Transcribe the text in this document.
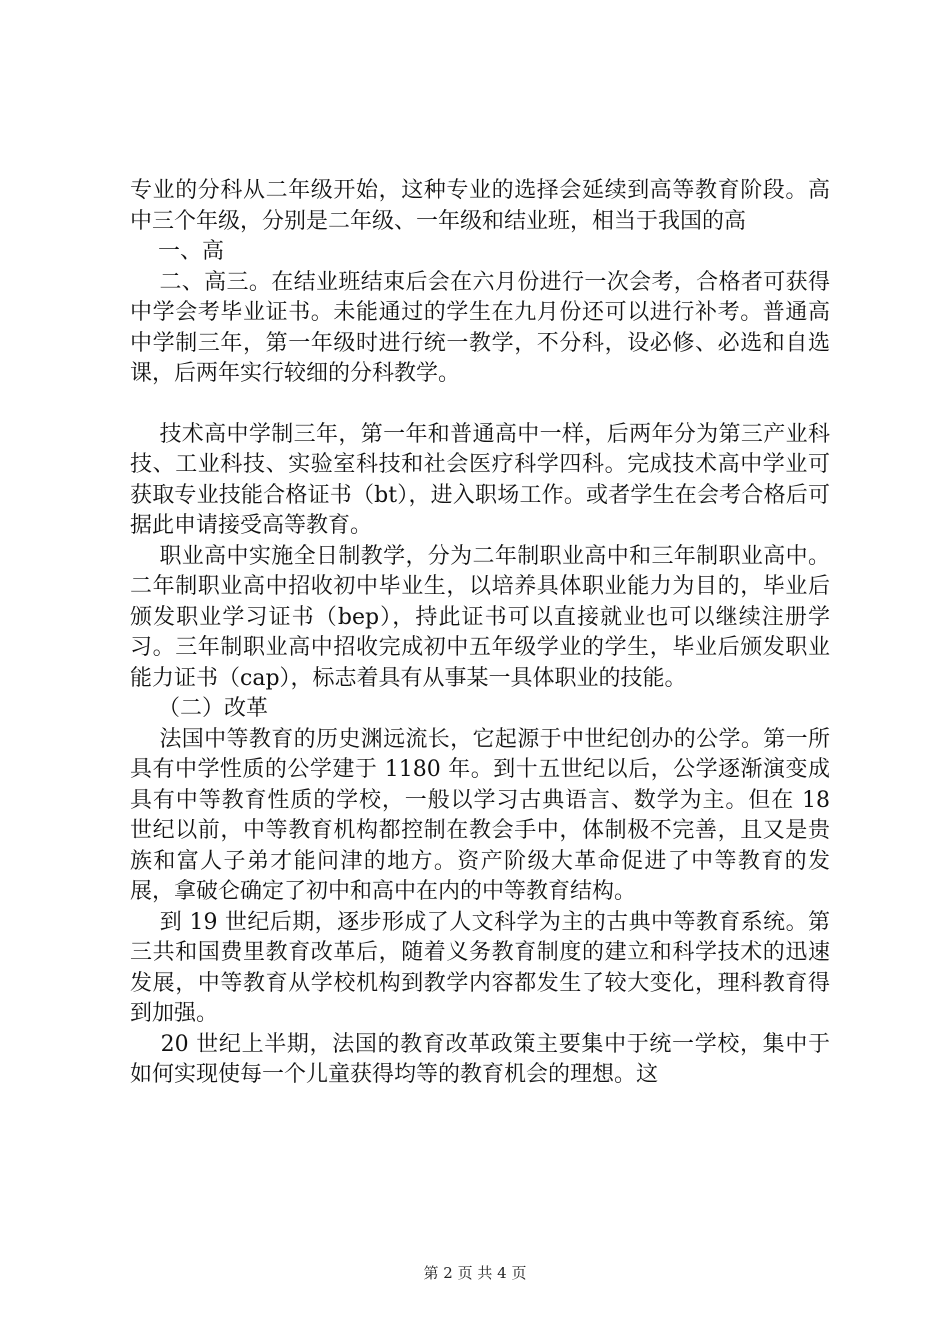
专业的分科从二年级开始，这种专业的选择会延续到高等教育阶段。高中三个年级，分别是二年级、一年级和结业班，相当于我国的高

一、高

二、高三。在结业班结束后会在六月份进行一次会考，合格者可获得中学会考毕业证书。未能通过的学生在九月份还可以进行补考。普通高中学制三年，第一年级时进行统一教学，不分科，设必修、必选和自选课，后两年实行较细的分科教学。

技术高中学制三年，第一年和普通高中一样，后两年分为第三产业科技、工业科技、实验室科技和社会医疗科学四科。完成技术高中学业可获取专业技能合格证书（bt），进入职场工作。或者学生在会考合格后可据此申请接受高等教育。

职业高中实施全日制教学，分为二年制职业高中和三年制职业高中。二年制职业高中招收初中毕业生，以培养具体职业能力为目的，毕业后颁发职业学习证书（bep），持此证书可以直接就业也可以继续注册学习。三年制职业高中招收完成初中五年级学业的学生，毕业后颁发职业能力证书（cap），标志着具有从事某一具体职业的技能。

（二）改革

法国中等教育的历史渊远流长，它起源于中世纪创办的公学。第一所具有中学性质的公学建于 1180 年。到十五世纪以后，公学逐渐演变成具有中等教育性质的学校，一般以学习古典语言、数学为主。但在 18 世纪以前，中等教育机构都控制在教会手中，体制极不完善，且又是贵族和富人子弟才能问津的地方。资产阶级大革命促进了中等教育的发展，拿破仑确定了初中和高中在内的中等教育结构。

到 19 世纪后期，逐步形成了人文科学为主的古典中等教育系统。第三共和国费里教育改革后，随着义务教育制度的建立和科学技术的迅速发展，中等教育从学校机构到教学内容都发生了较大变化，理科教育得到加强。

20 世纪上半期，法国的教育改革政策主要集中于统一学校，集中于如何实现使每一个儿童获得均等的教育机会的理想。这

第 2 页 共 4 页
